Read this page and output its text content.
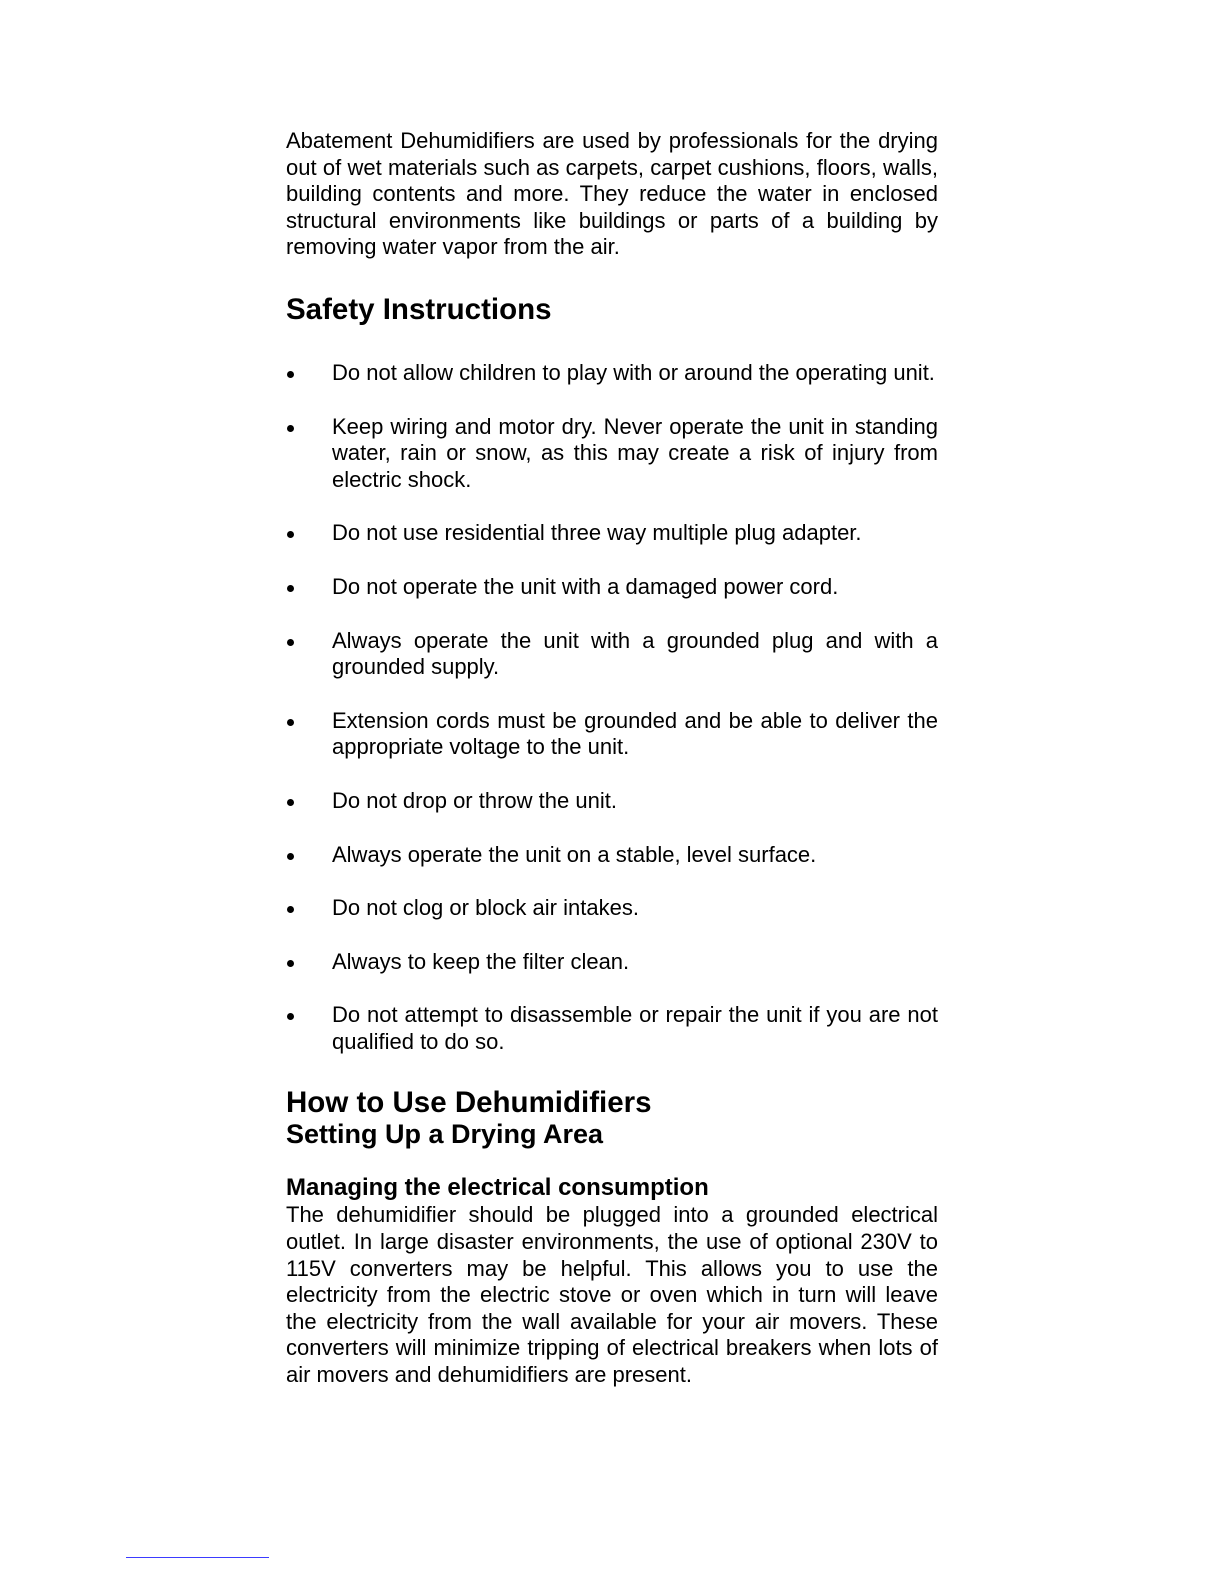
Abatement Dehumidifiers are used by professionals for the drying out of wet materials such as carpets, carpet cushions, floors, walls, building contents and more. They reduce the water in enclosed structural environments like buildings or parts of a building by removing water vapor from the air.

Safety Instructions
Do not allow children to play with or around the operating unit.
Keep wiring and motor dry. Never operate the unit in standing water, rain or snow, as this may create a risk of injury from electric shock.
Do not use residential three way multiple plug adapter.
Do not operate the unit with a damaged power cord.
Always operate the unit with a grounded plug and with a grounded supply.
Extension cords must be grounded and be able to deliver the appropriate voltage to the unit.
Do not drop or throw the unit.
Always operate the unit on a stable, level surface.
Do not clog or block air intakes.
Always to keep the filter clean.
Do not attempt to disassemble or repair the unit if you are not qualified to do so.
How to Use Dehumidifiers
Setting Up a Drying Area
Managing the electrical consumption

The dehumidifier should be plugged into a grounded electrical outlet. In large disaster environments, the use of optional 230V to 115V converters may be helpful. This allows you to use the electricity from the electric stove or oven which in turn will leave the electricity from the wall available for your air movers. These converters will minimize tripping of electrical breakers when lots of air movers and dehumidifiers are present.
